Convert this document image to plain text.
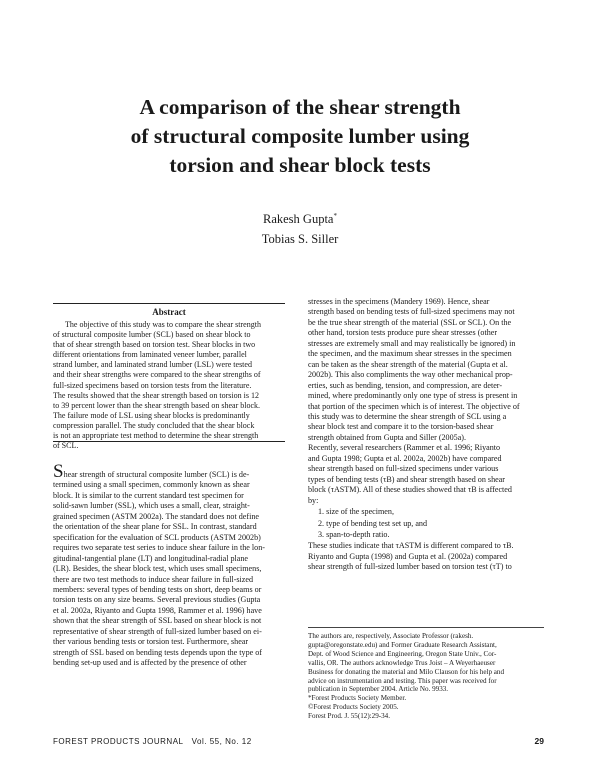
A comparison of the shear strength
of structural composite lumber using
torsion and shear block tests
Rakesh Gupta*
Tobias S. Siller
Abstract
The objective of this study was to compare the shear strength
of structural composite lumber (SCL) based on shear block to
that of shear strength based on torsion test. Shear blocks in two
different orientations from laminated veneer lumber, parallel
strand lumber, and laminated strand lumber (LSL) were tested
and their shear strengths were compared to the shear strengths of
full-sized specimens based on torsion tests from the literature.
The results showed that the shear strength based on torsion is 12
to 39 percent lower than the shear strength based on shear block.
The failure mode of LSL using shear blocks is predominantly
compression parallel. The study concluded that the shear block
is not an appropriate test method to determine the shear strength
of SCL.
Shear strength of structural composite lumber (SCL) is de-
termined using a small specimen, commonly known as shear
block. It is similar to the current standard test specimen for
solid-sawn lumber (SSL), which uses a small, clear, straight-
grained specimen (ASTM 2002a). The standard does not define
the orientation of the shear plane for SSL. In contrast, standard
specification for the evaluation of SCL products (ASTM 2002b)
requires two separate test series to induce shear failure in the lon-
gitudinal-tangential plane (LT) and longitudinal-radial plane
(LR). Besides, the shear block test, which uses small specimens,
there are two test methods to induce shear failure in full-sized
members: several types of bending tests on short, deep beams or
torsion tests on any size beams. Several previous studies (Gupta
et al. 2002a, Riyanto and Gupta 1998, Rammer et al. 1996) have
shown that the shear strength of SSL based on shear block is not
representative of shear strength of full-sized lumber based on ei-
ther various bending tests or torsion test. Furthermore, shear
strength of SSL based on bending tests depends upon the type of
bending set-up used and is affected by the presence of other
stresses in the specimens (Mandery 1969). Hence, shear
strength based on bending tests of full-sized specimens may not
be the true shear strength of the material (SSL or SCL). On the
other hand, torsion tests produce pure shear stresses (other
stresses are extremely small and may realistically be ignored) in
the specimen, and the maximum shear stresses in the specimen
can be taken as the shear strength of the material (Gupta et al.
2002b). This also compliments the way other mechanical prop-
erties, such as bending, tension, and compression, are deter-
mined, where predominantly only one type of stress is present in
that portion of the specimen which is of interest. The objective of
this study was to determine the shear strength of SCL using a
shear block test and compare it to the torsion-based shear
strength obtained from Gupta and Siller (2005a).
Recently, several researchers (Rammer et al. 1996; Riyanto
and Gupta 1998; Gupta et al. 2002a, 2002b) have compared
shear strength based on full-sized specimens under various
types of bending tests (τB) and shear strength based on shear
block (τASTM). All of these studies showed that τB is affected
by:
1. size of the specimen,
2. type of bending test set up, and
3. span-to-depth ratio.
These studies indicate that τASTM is different compared to τB.
Riyanto and Gupta (1998) and Gupta et al. (2002a) compared
shear strength of full-sized lumber based on torsion test (τT) to
The authors are, respectively, Associate Professor (rakesh.
gupta@oregonstate.edu) and Former Graduate Research Assistant,
Dept. of Wood Science and Engineering, Oregon State Univ., Cor-
vallis, OR. The authors acknowledge Trus Joist – A Weyerhaeuser
Business for donating the material and Milo Clauson for his help and
advice on instrumentation and testing. This paper was received for
publication in September 2004. Article No. 9933.
*Forest Products Society Member.
©Forest Products Society 2005.
Forest Prod. J. 55(12):29-34.
FOREST PRODUCTS JOURNAL Vol. 55, No. 12	29
